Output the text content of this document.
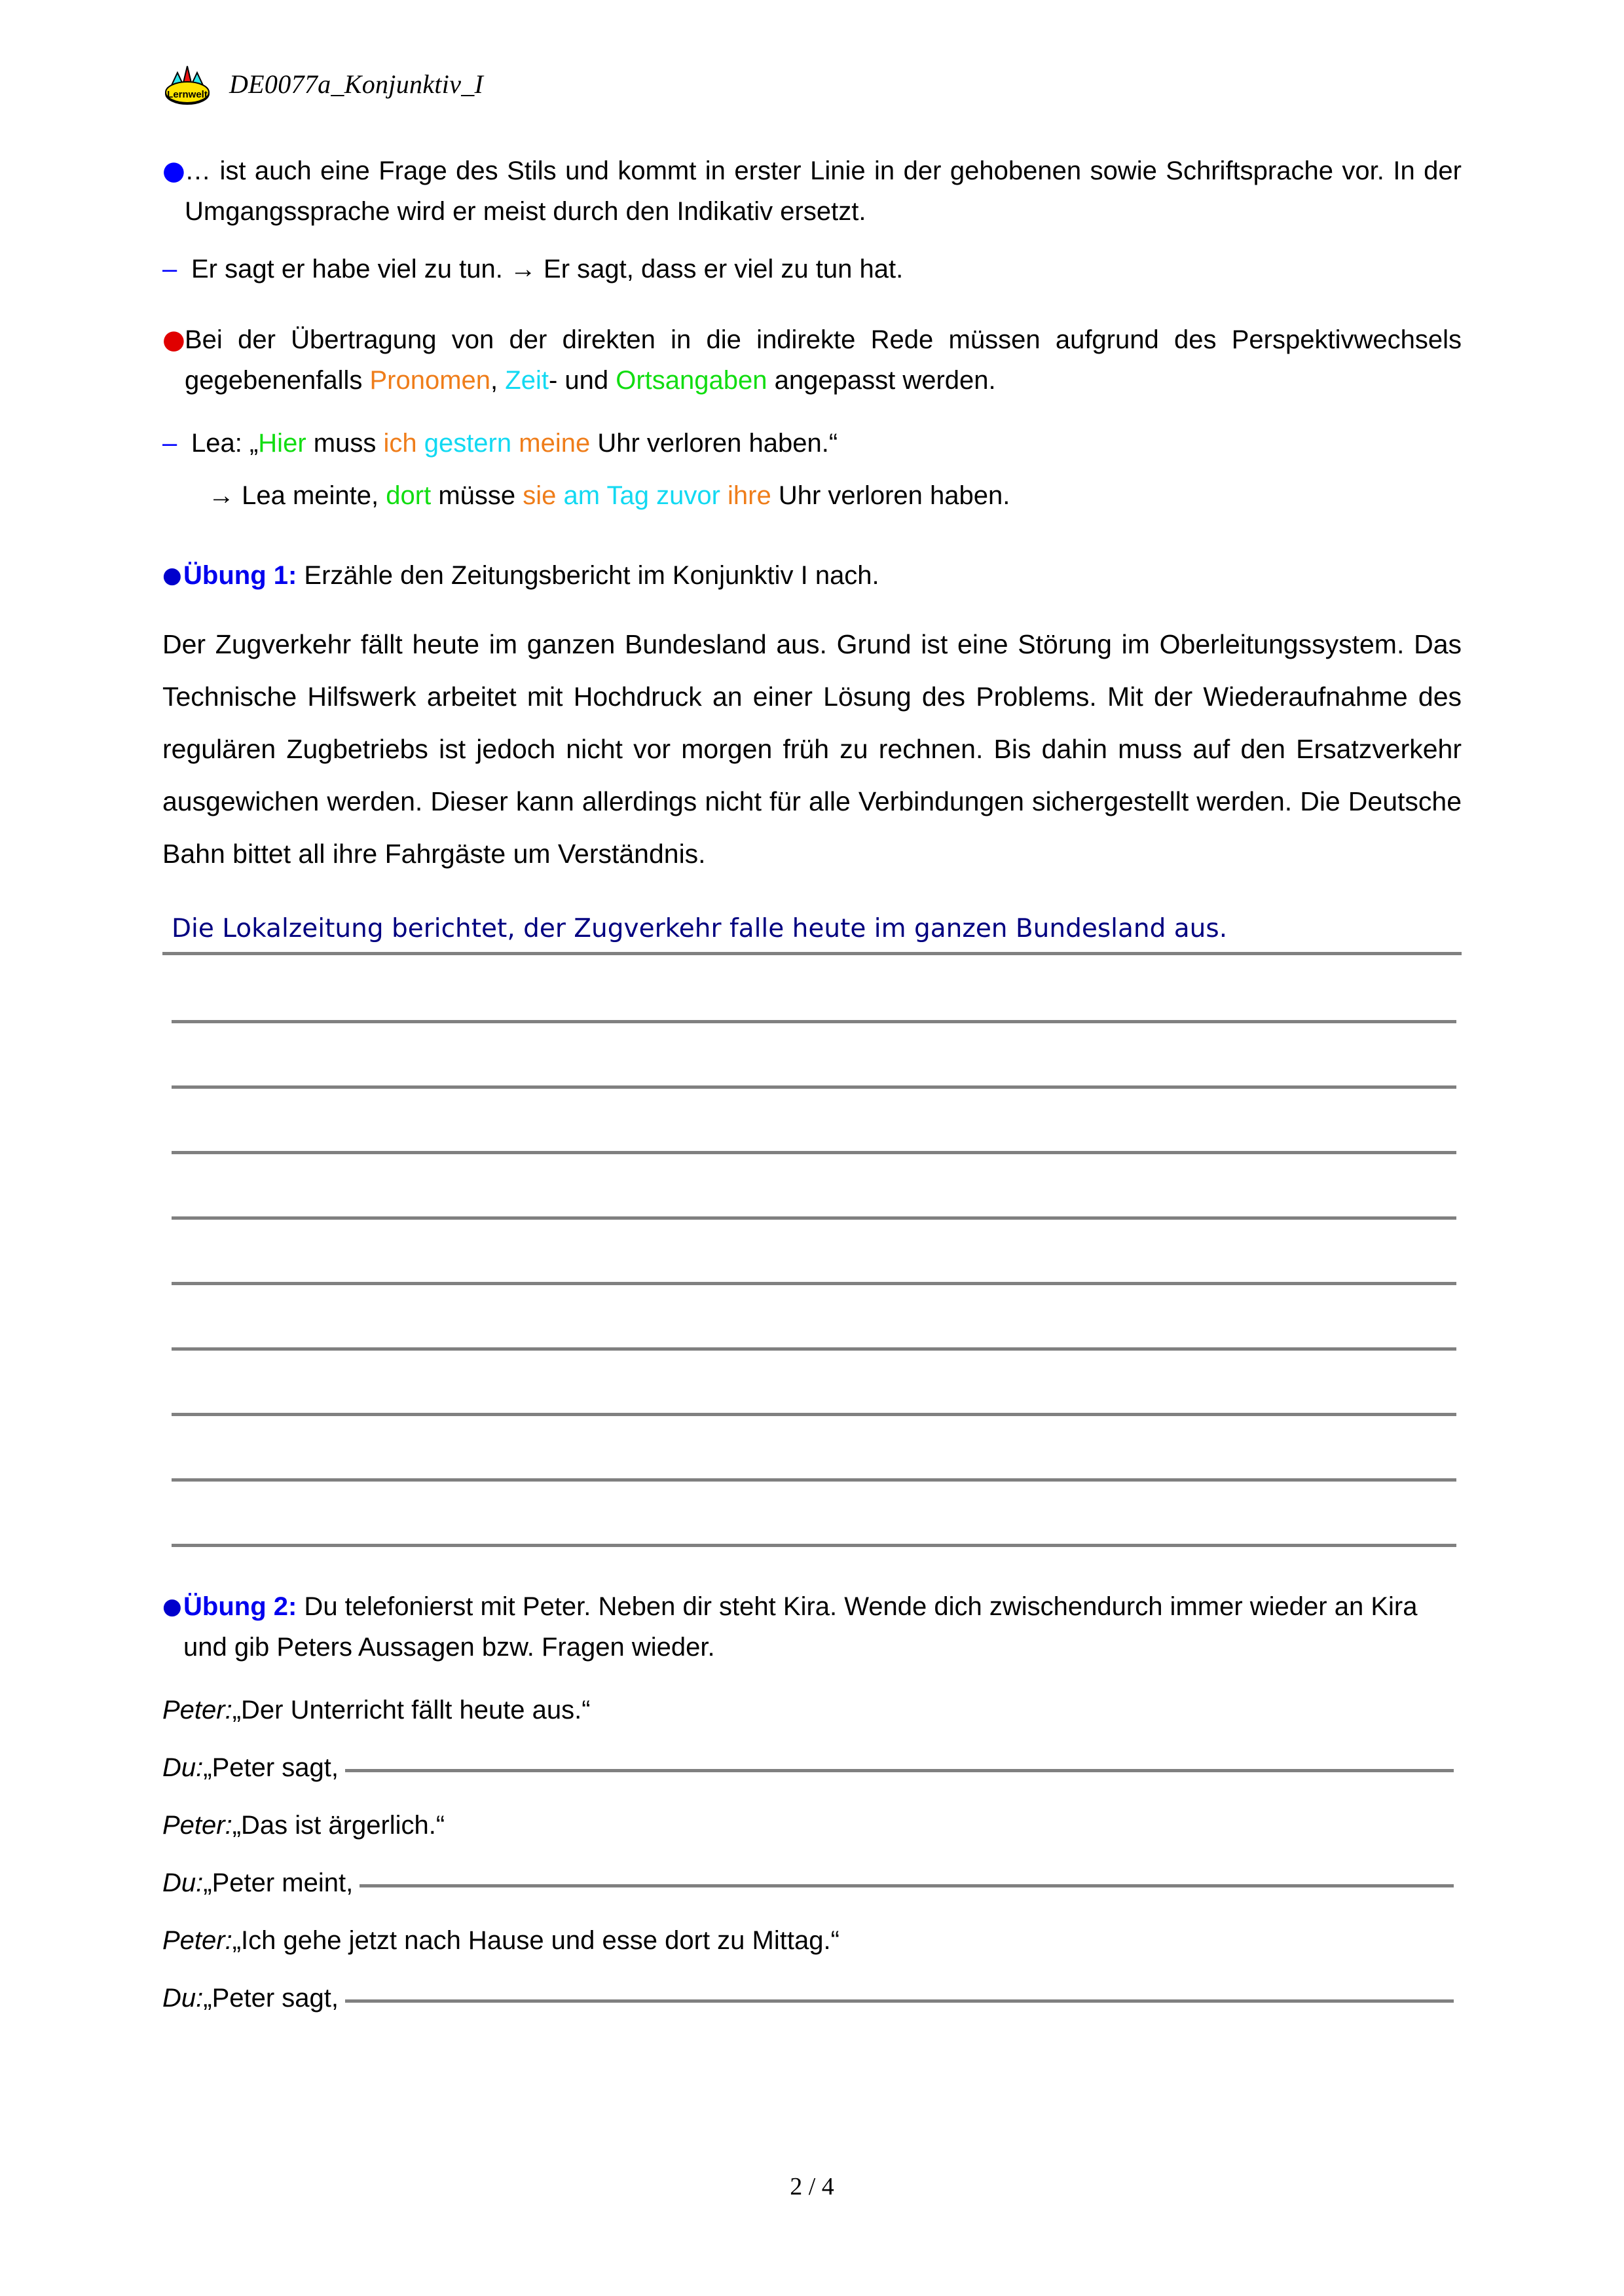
Lernwelt DE0077a_Konjunktiv_I
● … ist auch eine Frage des Stils und kommt in erster Linie in der gehobenen sowie Schriftsprache vor. In der Umgangssprache wird er meist durch den Indikativ ersetzt.
– Er sagt er habe viel zu tun. → Er sagt, dass er viel zu tun hat.
● Bei der Übertragung von der direkten in die indirekte Rede müssen aufgrund des Perspektivwechsels gegebenenfalls Pronomen, Zeit- und Ortsangaben angepasst werden.
– Lea: „Hier muss ich gestern meine Uhr verloren haben.“
→ Lea meinte, dort müsse sie am Tag zuvor ihre Uhr verloren haben.
● Übung 1: Erzähle den Zeitungsbericht im Konjunktiv I nach.
Der Zugverkehr fällt heute im ganzen Bundesland aus. Grund ist eine Störung im Oberleitungssystem. Das Technische Hilfswerk arbeitet mit Hochdruck an einer Lösung des Problems. Mit der Wiederaufnahme des regulären Zugbetriebs ist jedoch nicht vor morgen früh zu rechnen. Bis dahin muss auf den Ersatzverkehr ausgewichen werden. Dieser kann allerdings nicht für alle Verbindungen sichergestellt werden. Die Deutsche Bahn bittet all ihre Fahrgäste um Verständnis.
Die Lokalzeitung berichtet, der Zugverkehr falle heute im ganzen Bundesland aus.
● Übung 2: Du telefonierst mit Peter. Neben dir steht Kira. Wende dich zwischendurch immer wieder an Kira und gib Peters Aussagen bzw. Fragen wieder.
Peter: „Der Unterricht fällt heute aus.“
Du: „Peter sagt,
Peter: „Das ist ärgerlich.“
Du: „Peter meint,
Peter: „Ich gehe jetzt nach Hause und esse dort zu Mittag.“
Du: „Peter sagt,
2 / 4
